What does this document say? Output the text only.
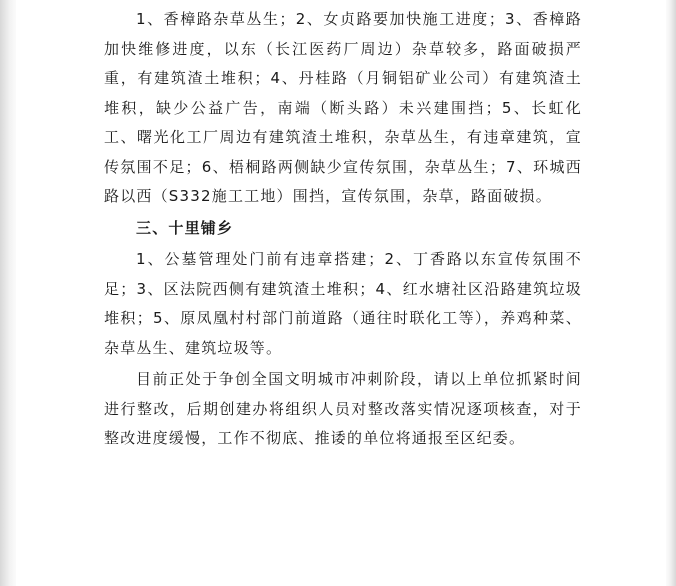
1、香樟路杂草丛生；2、女贞路要加快施工进度；3、香樟路加快维修进度，以东（长江医药厂周边）杂草较多，路面破损严重，有建筑渣土堆积；4、丹桂路（月铜铝矿业公司）有建筑渣土堆积，缺少公益广告，南端（断头路）未兴建围挡；5、长虹化工、曙光化工厂周边有建筑渣土堆积，杂草丛生，有违章建筑，宣传氛围不足；6、梧桐路两侧缺少宣传氛围，杂草丛生；7、环城西路以西（S332施工工地）围挡，宣传氛围，杂草，路面破损。

三、十里铺乡

1、公墓管理处门前有违章搭建；2、丁香路以东宣传氛围不足；3、区法院西侧有建筑渣土堆积；4、红水塘社区沿路建筑垃圾堆积；5、原凤凰村村部门前道路（通往时联化工等），养鸡种菜、杂草丛生、建筑垃圾等。

目前正处于争创全国文明城市冲刺阶段，请以上单位抓紧时间进行整改，后期创建办将组织人员对整改落实情况逐项核查，对于整改进度缓慢，工作不彻底、推诿的单位将通报至区纪委。
